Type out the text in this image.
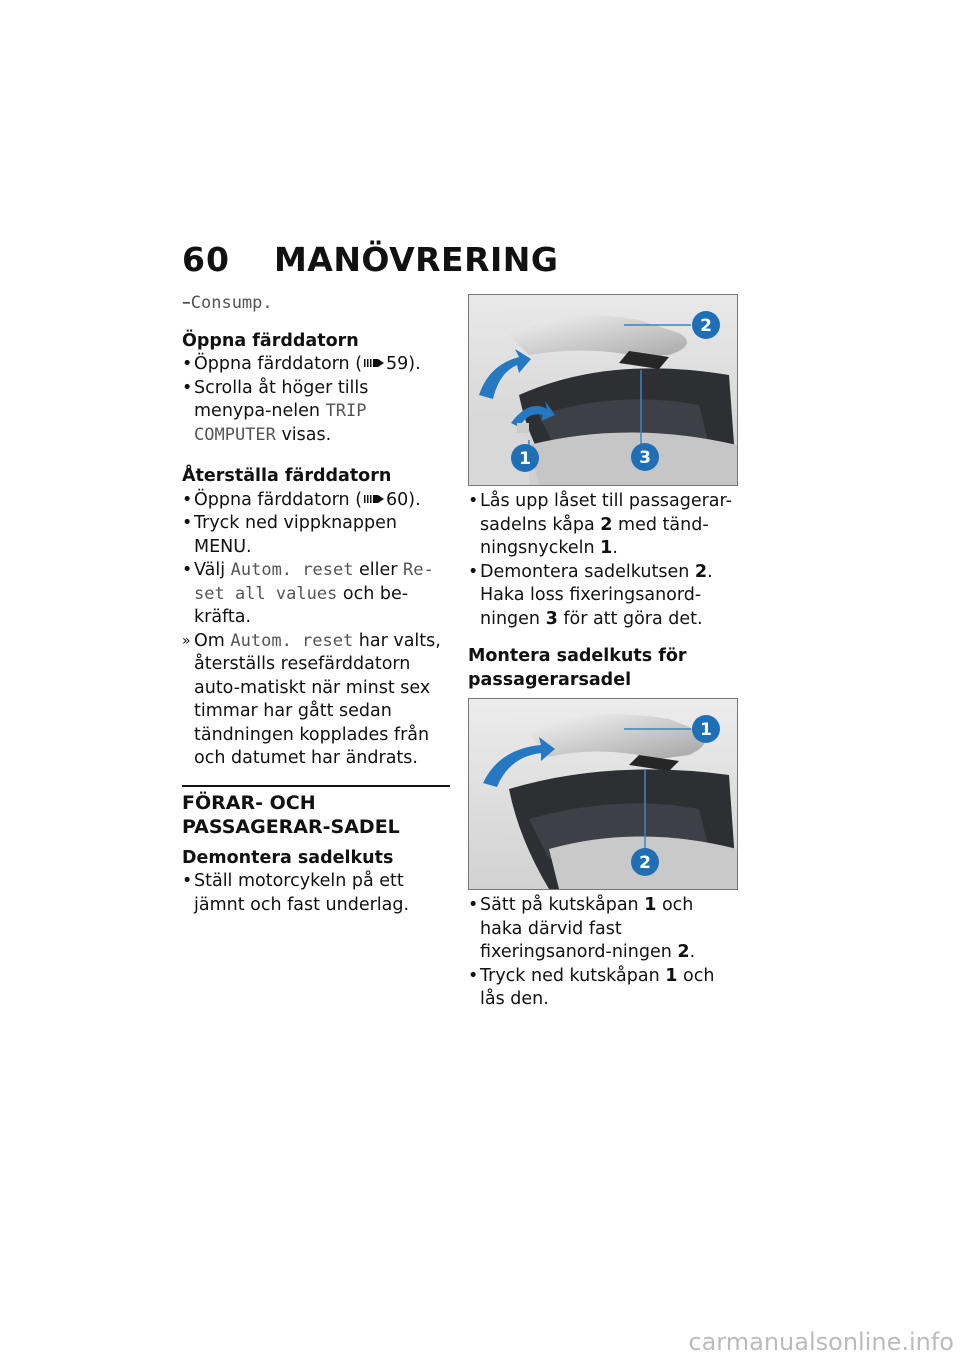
60 MANÖVRERING

–Consump.

Öppna färddatorn

• Öppna färddatorn ( 59).

• Scrolla åt höger tills menypa-nelen TRIP COMPUTER visas.

Återställa färddatorn

• Öppna färddatorn ( 60).

• Tryck ned vippknappen MENU.

• Välj Autom. reset eller Re-set all values och be-kräfta.

» Om Autom. reset har valts, återställs resefärddatorn auto-matiskt när minst sex timmar har gått sedan tändningen kopplades från och datumet har ändrats.

FÖRAR- OCH PASSAGERAR-SADEL

Demontera sadelkuts

• Ställ motorcykeln på ett jämnt och fast underlag.

2
3
1

• Lås upp låset till passagerar-sadelns kåpa 2 med tänd-ningsnyckeln 1.

• Demontera sadelkutsen 2.

Haka loss fixeringsanord-ningen 3 för att göra det.

Montera sadelkuts för passagerarsadel

1
2

• Sätt på kutskåpan 1 och haka därvid fast fixeringsanord-ningen 2.

• Tryck ned kutskåpan 1 och lås den.

carmanualsonline.info
